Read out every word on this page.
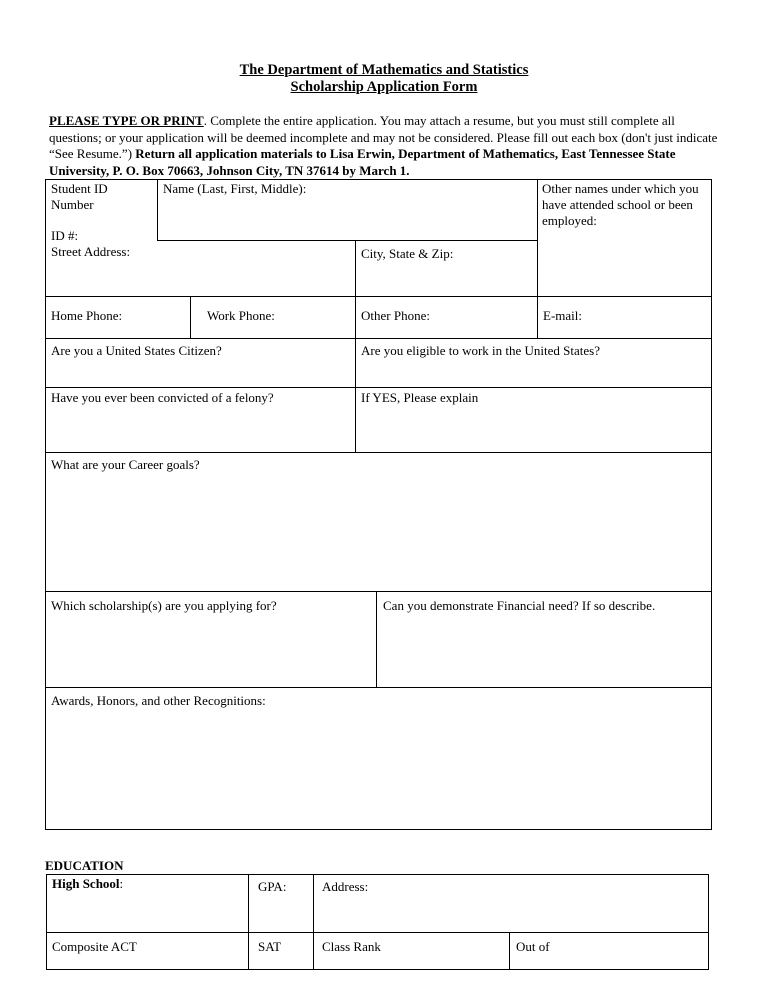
The Department of Mathematics and Statistics
Scholarship Application Form
PLEASE TYPE OR PRINT. Complete the entire application. You may attach a resume, but you must still complete all questions; or your application will be deemed incomplete and may not be considered. Please fill out each box (don't just indicate “See Resume.”) Return all application materials to Lisa Erwin, Department of Mathematics, East Tennessee State University, P. O. Box 70663, Johnson City, TN 37614 by March 1.
Student ID
Number
ID #:
Name (Last, First, Middle):	Other names under which you have attended school or been employed:
Street Address:	City, State & Zip:
Home Phone:	Work Phone:	Other Phone:	E-mail:
Are you a United States Citizen?	Are you eligible to work in the United States?
Have you ever been convicted of a felony?	If YES, Please explain
What are your Career goals?
Which scholarship(s) are you applying for?	Can you demonstrate Financial need? If so describe.
Awards, Honors, and other Recognitions:
EDUCATION
High School:	GPA:	Address:
Composite ACT	SAT	Class Rank	Out of
